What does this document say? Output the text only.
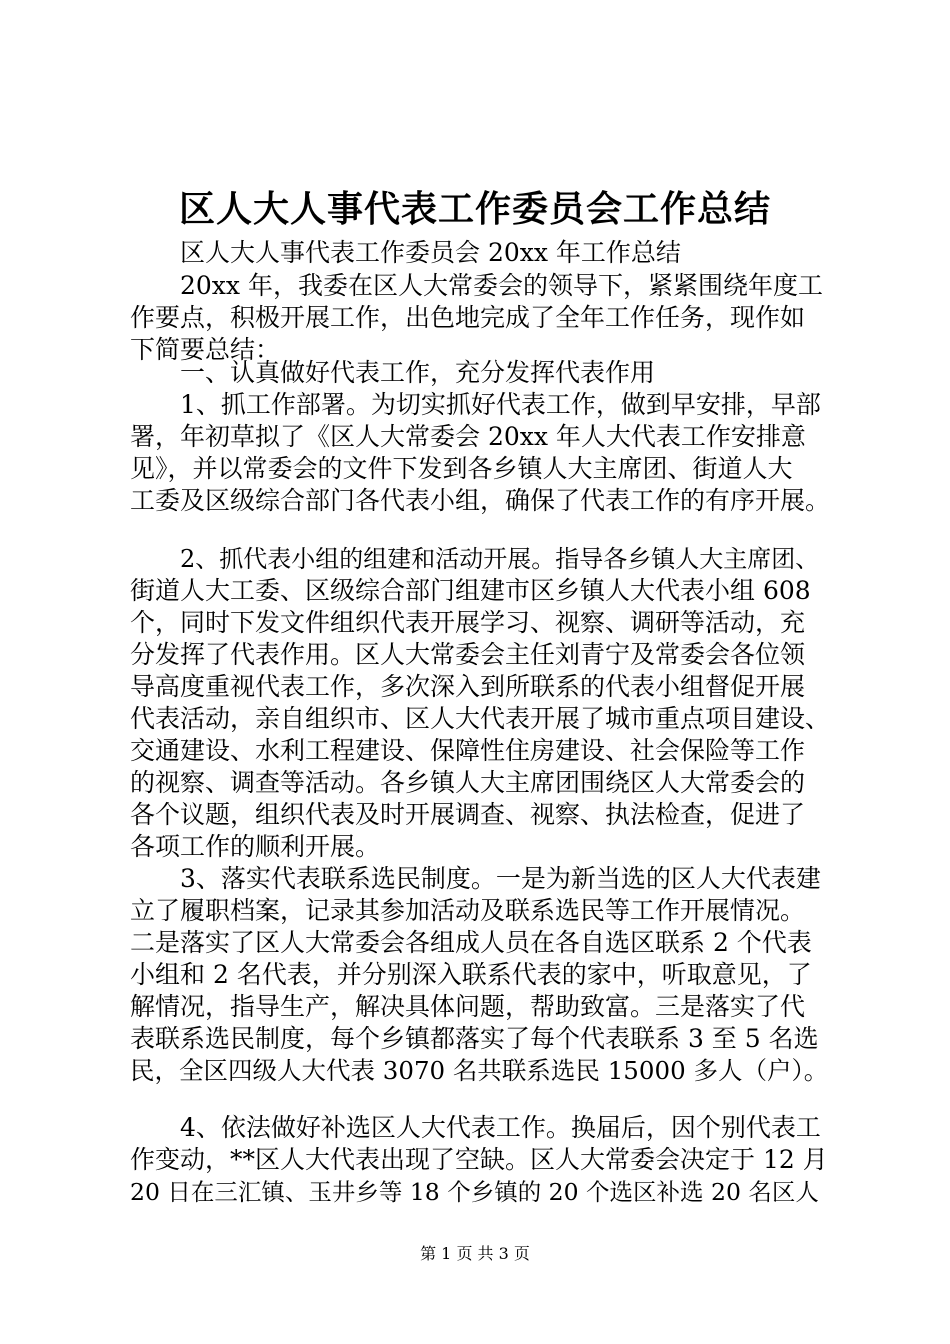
区人大人事代表工作委员会工作总结
区人大人事代表工作委员会 20xx 年工作总结
20xx 年，我委在区人大常委会的领导下，紧紧围绕年度工
作要点，积极开展工作，出色地完成了全年工作任务，现作如
下简要总结：
一、认真做好代表工作，充分发挥代表作用
1、抓工作部署。为切实抓好代表工作，做到早安排，早部
署，年初草拟了《区人大常委会 20xx 年人大代表工作安排意
见》，并以常委会的文件下发到各乡镇人大主席团、街道人大
工委及区级综合部门各代表小组，确保了代表工作的有序开展。
2、抓代表小组的组建和活动开展。指导各乡镇人大主席团、
街道人大工委、区级综合部门组建市区乡镇人大代表小组 608
个，同时下发文件组织代表开展学习、视察、调研等活动，充
分发挥了代表作用。区人大常委会主任刘青宁及常委会各位领
导高度重视代表工作，多次深入到所联系的代表小组督促开展
代表活动，亲自组织市、区人大代表开展了城市重点项目建设、
交通建设、水利工程建设、保障性住房建设、社会保险等工作
的视察、调查等活动。各乡镇人大主席团围绕区人大常委会的
各个议题，组织代表及时开展调查、视察、执法检查，促进了
各项工作的顺利开展。
3、落实代表联系选民制度。一是为新当选的区人大代表建
立了履职档案，记录其参加活动及联系选民等工作开展情况。
二是落实了区人大常委会各组成人员在各自选区联系 2 个代表
小组和 2 名代表，并分别深入联系代表的家中，听取意见，了
解情况，指导生产，解决具体问题，帮助致富。三是落实了代
表联系选民制度，每个乡镇都落实了每个代表联系 3 至 5 名选
民，全区四级人大代表 3070 名共联系选民 15000 多人（户）。
4、依法做好补选区人大代表工作。换届后，因个别代表工
作变动，**区人大代表出现了空缺。区人大常委会决定于 12 月
20 日在三汇镇、玉井乡等 18 个乡镇的 20 个选区补选 20 名区人
第 1 页 共 3 页
